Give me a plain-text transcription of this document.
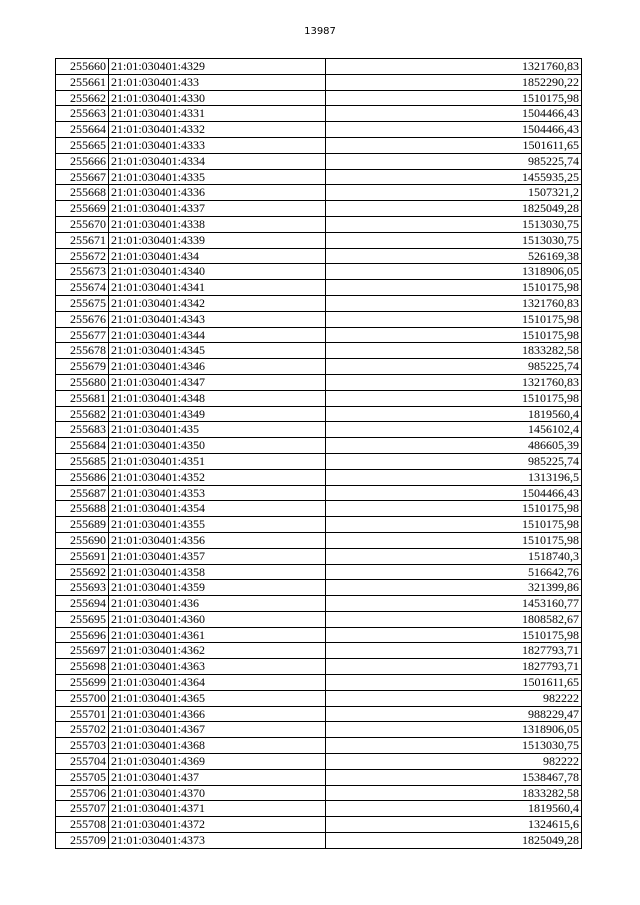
13987
255660	21:01:030401:4329	1321760,83
255661	21:01:030401:433	1852290,22
255662	21:01:030401:4330	1510175,98
255663	21:01:030401:4331	1504466,43
255664	21:01:030401:4332	1504466,43
255665	21:01:030401:4333	1501611,65
255666	21:01:030401:4334	985225,74
255667	21:01:030401:4335	1455935,25
255668	21:01:030401:4336	1507321,2
255669	21:01:030401:4337	1825049,28
255670	21:01:030401:4338	1513030,75
255671	21:01:030401:4339	1513030,75
255672	21:01:030401:434	526169,38
255673	21:01:030401:4340	1318906,05
255674	21:01:030401:4341	1510175,98
255675	21:01:030401:4342	1321760,83
255676	21:01:030401:4343	1510175,98
255677	21:01:030401:4344	1510175,98
255678	21:01:030401:4345	1833282,58
255679	21:01:030401:4346	985225,74
255680	21:01:030401:4347	1321760,83
255681	21:01:030401:4348	1510175,98
255682	21:01:030401:4349	1819560,4
255683	21:01:030401:435	1456102,4
255684	21:01:030401:4350	486605,39
255685	21:01:030401:4351	985225,74
255686	21:01:030401:4352	1313196,5
255687	21:01:030401:4353	1504466,43
255688	21:01:030401:4354	1510175,98
255689	21:01:030401:4355	1510175,98
255690	21:01:030401:4356	1510175,98
255691	21:01:030401:4357	1518740,3
255692	21:01:030401:4358	516642,76
255693	21:01:030401:4359	321399,86
255694	21:01:030401:436	1453160,77
255695	21:01:030401:4360	1808582,67
255696	21:01:030401:4361	1510175,98
255697	21:01:030401:4362	1827793,71
255698	21:01:030401:4363	1827793,71
255699	21:01:030401:4364	1501611,65
255700	21:01:030401:4365	982222
255701	21:01:030401:4366	988229,47
255702	21:01:030401:4367	1318906,05
255703	21:01:030401:4368	1513030,75
255704	21:01:030401:4369	982222
255705	21:01:030401:437	1538467,78
255706	21:01:030401:4370	1833282,58
255707	21:01:030401:4371	1819560,4
255708	21:01:030401:4372	1324615,6
255709	21:01:030401:4373	1825049,28
